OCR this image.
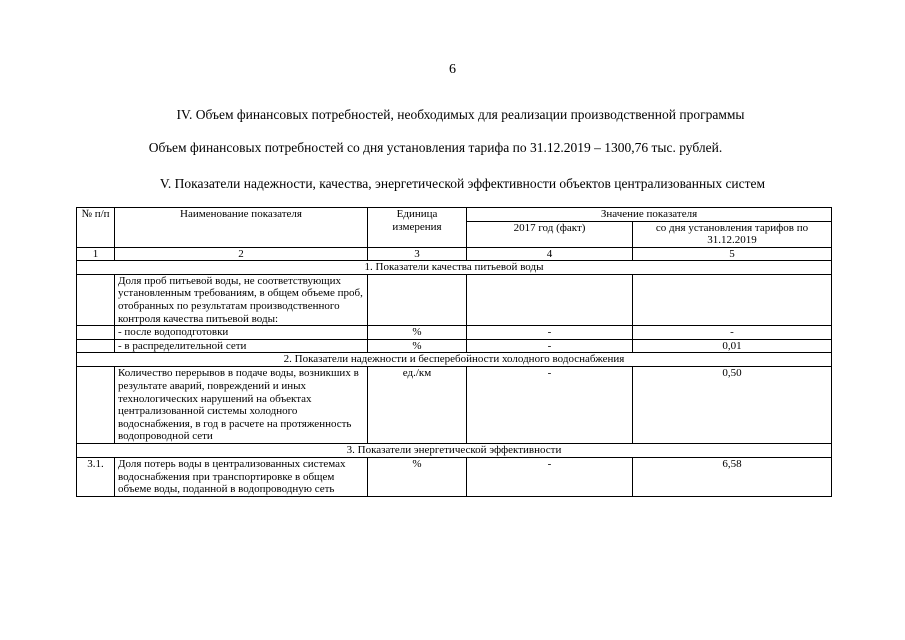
6
IV. Объем финансовых потребностей, необходимых для реализации производственной программы
Объем финансовых потребностей со дня установления тарифа по 31.12.2019 – 1300,76 тыс. рублей.
V. Показатели надежности, качества, энергетической эффективности объектов централизованных систем
№ п/п	Наименование показателя	Единица измерения	Значение показателя	
			2017 год (факт)	со дня установления тарифов по 31.12.2019
1	2	3	4	5
1. Показатели качества питьевой воды				
	Доля проб питьевой воды, не соответствующих установленным требованиям, в общем объеме проб, отобранных по результатам производственного контроля качества питьевой воды:			
	- после водоподготовки	%	-	-
	- в распределительной сети	%	-	0,01
2. Показатели надежности и бесперебойности холодного водоснабжения				
	Количество перерывов в подаче воды, возникших в результате аварий, повреждений и иных технологических нарушений на объектах централизованной системы холодного водоснабжения, в год в расчете на протяженность водопроводной сети	ед./км	-	0,50
3. Показатели энергетической эффективности				
3.1.	Доля потерь воды в централизованных системах водоснабжения при транспортировке в общем объеме воды, поданной в водопроводную сеть	%	-	6,58
